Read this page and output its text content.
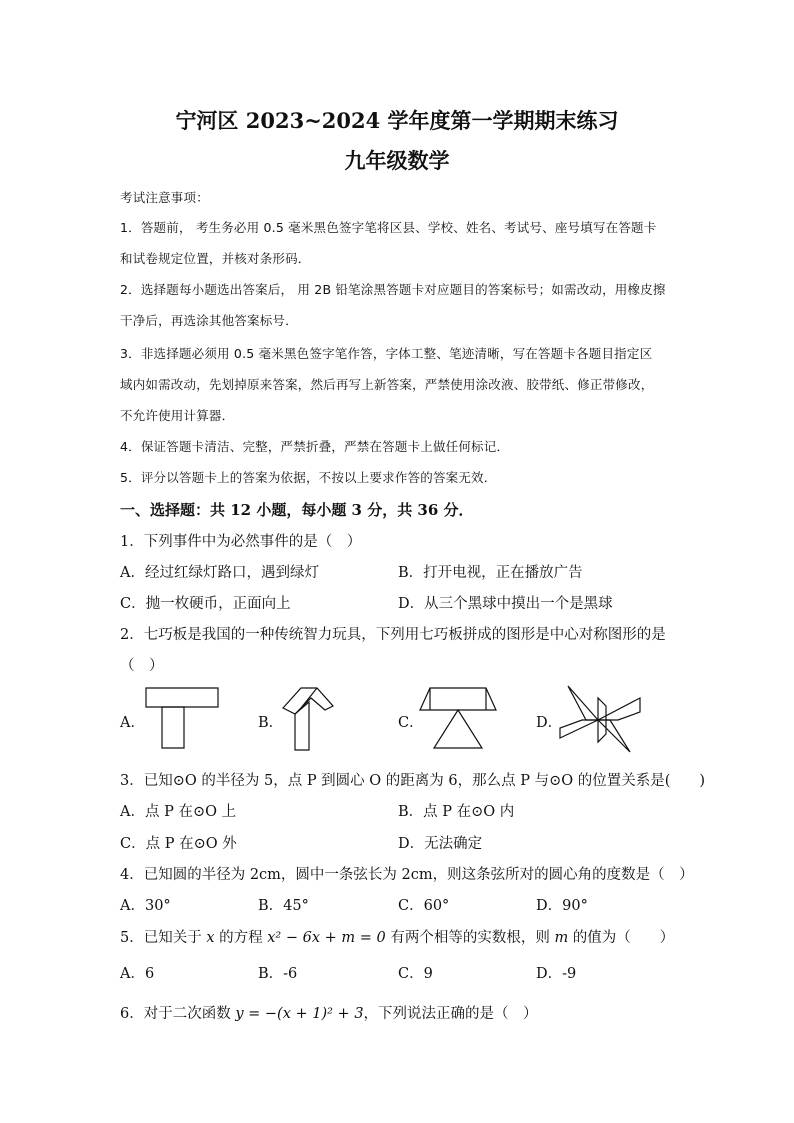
宁河区 2023~2024 学年度第一学期期末练习
九年级数学
考试注意事项：
1．答题前， 考生务必用 0.5 毫米黑色签字笔将区县、学校、姓名、考试号、座号填写在答题卡
和试卷规定位置，并核对条形码．
2．选择题每小题选出答案后， 用 2B 铅笔涂黑答题卡对应题目的答案标号；如需改动，用橡皮擦
干净后，再选涂其他答案标号．
3．非选择题必须用 0.5 毫米黑色签字笔作答，字体工整、笔迹清晰，写在答题卡各题目指定区
域内如需改动，先划掉原来答案，然后再写上新答案，严禁使用涂改液、胶带纸、修正带修改，
不允许使用计算器．
4．保证答题卡清洁、完整，严禁折叠，严禁在答题卡上做任何标记．
5．评分以答题卡上的答案为依据，不按以上要求作答的答案无效．
一、选择题：共 12 小题，每小题 3 分，共 36 分．
1．下列事件中为必然事件的是（　）
A．经过红绿灯路口，遇到绿灯	B．打开电视，正在播放广告
C．抛一枚硬币，正面向上	D．从三个黑球中摸出一个是黑球
2．七巧板是我国的一种传统智力玩具，下列用七巧板拼成的图形是中心对称图形的是
（　）
A．	B．	C．	D．
3．已知⊙O 的半径为 5，点 P 到圆心 O 的距离为 6，那么点 P 与⊙O 的位置关系是(　　)
A．点 P 在⊙O 上	B．点 P 在⊙O 内
C．点 P 在⊙O 外	D．无法确定
4．已知圆的半径为 2cm，圆中一条弦长为 2cm，则这条弦所对的圆心角的度数是（　）
A．30°	B．45°	C．60°	D．90°
5．已知关于 x 的方程 x² − 6x + m = 0 有两个相等的实数根，则 m 的值为（　　）
A．6	B．-6	C．9	D．-9
6．对于二次函数 y = −(x + 1)² + 3，下列说法正确的是（　）
